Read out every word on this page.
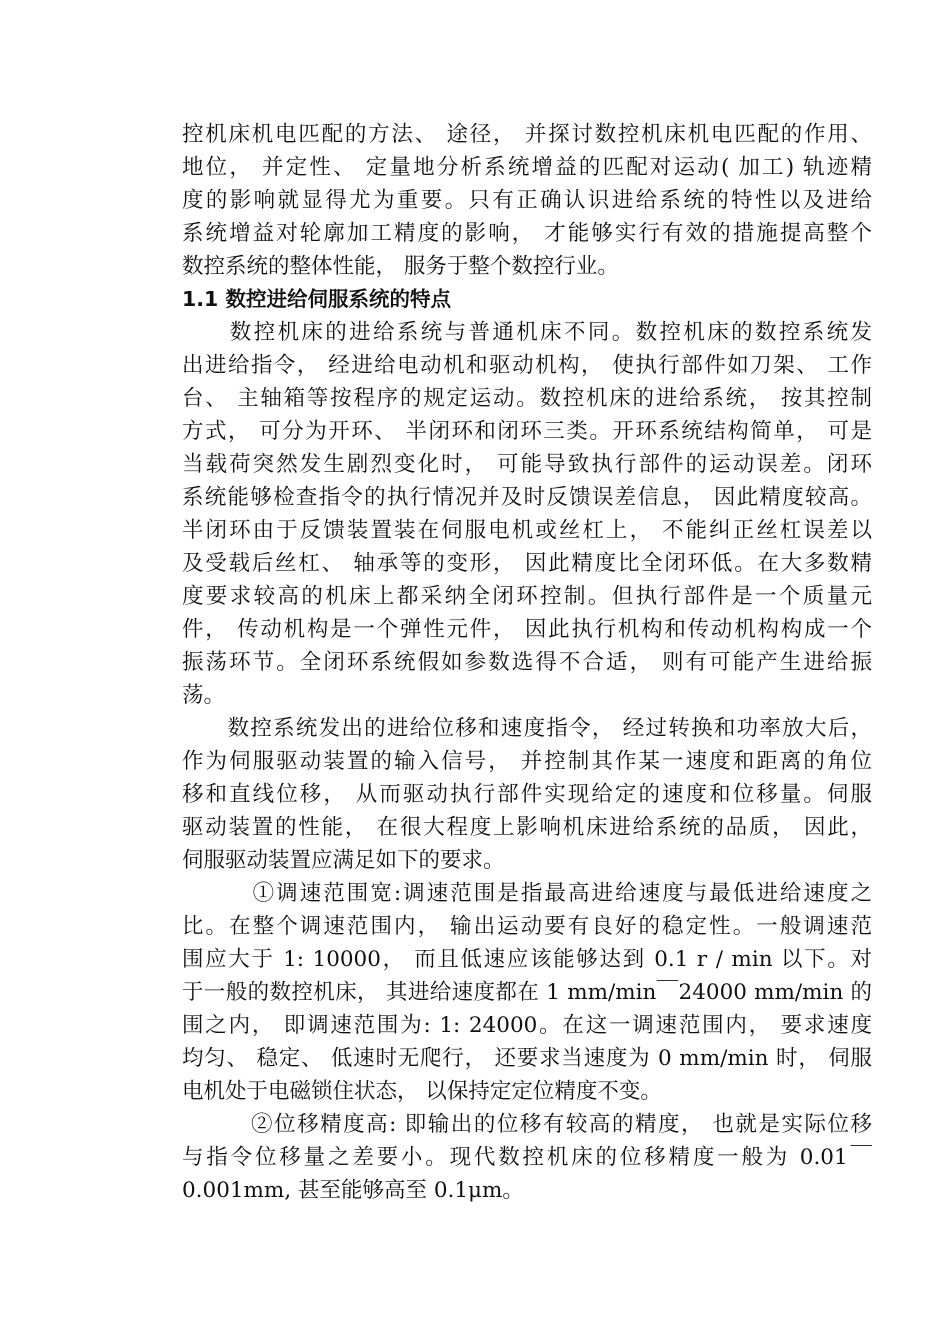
控机床机电匹配的方法、 途径， 并探讨数控机床机电匹配的作用、
地位， 并定性、 定量地分析系统增益的匹配对运动( 加工) 轨迹精
度的影响就显得尤为重要。只有正确认识进给系统的特性以及进给
系统增益对轮廓加工精度的影响， 才能够实行有效的措施提高整个
数控系统的整体性能， 服务于整个数控行业。
1.1 数控进给伺服系统的特点
　　数控机床的进给系统与普通机床不同。数控机床的数控系统发
出进给指令， 经进给电动机和驱动机构， 使执行部件如刀架、 工作
台、 主轴箱等按程序的规定运动。数控机床的进给系统， 按其控制
方式， 可分为开环、 半闭环和闭环三类。开环系统结构简单， 可是
当载荷突然发生剧烈变化时， 可能导致执行部件的运动误差。闭环
系统能够检查指令的执行情况并及时反馈误差信息， 因此精度较高。
半闭环由于反馈装置装在伺服电机或丝杠上， 不能纠正丝杠误差以
及受载后丝杠、 轴承等的变形， 因此精度比全闭环低。在大多数精
度要求较高的机床上都采纳全闭环控制。但执行部件是一个质量元
件， 传动机构是一个弹性元件， 因此执行机构和传动机构构成一个
振荡环节。全闭环系统假如参数选得不合适， 则有可能产生进给振
荡。
　　数控系统发出的进给位移和速度指令， 经过转换和功率放大后，
作为伺服驱动装置的输入信号， 并控制其作某一速度和距离的角位
移和直线位移， 从而驱动执行部件实现给定的速度和位移量。伺服
驱动装置的性能， 在很大程度上影响机床进给系统的品质， 因此，
伺服驱动装置应满足如下的要求。
　　　①调速范围宽:调速范围是指最高进给速度与最低进给速度之
比。在整个调速范围内， 输出运动要有良好的稳定性。一般调速范
围应大于 1: 10000， 而且低速应该能够达到 0.1 r / min 以下。对
于一般的数控机床， 其进给速度都在 1 mm/min￣24000 mm/min 的
围之内， 即调速范围为: 1: 24000。在这一调速范围内， 要求速度
均匀、 稳定、 低速时无爬行， 还要求当速度为 0 mm/min 时， 伺服
电机处于电磁锁住状态， 以保持定定位精度不变。
　　　②位移精度高: 即输出的位移有较高的精度， 也就是实际位移
与指令位移量之差要小。现代数控机床的位移精度一般为 0.01￣
0.001mm, 甚至能够高至 0.1μm。
